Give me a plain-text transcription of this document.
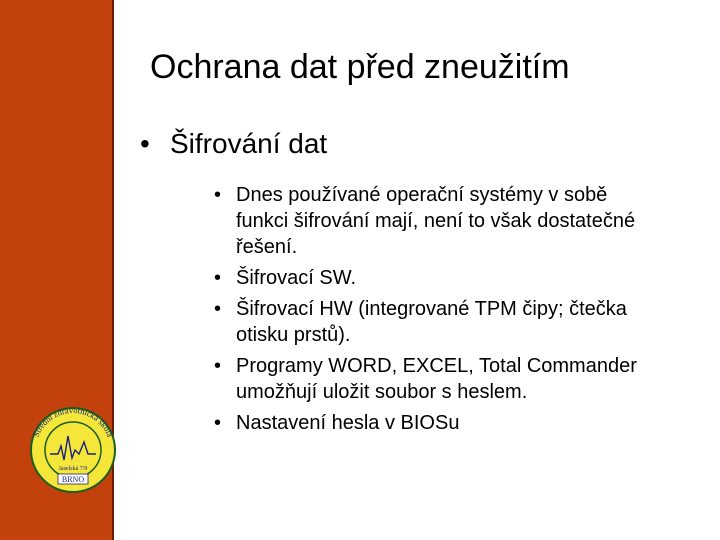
Ochrana dat před zneužitím
• Šifrování dat
• Dnes používané operační systémy v sobě funkci šifrování mají, není to však dostatečné řešení.
• Šifrovací SW.
• Šifrovací HW (integrované TPM čipy; čtečka otisku prstů).
• Programy WORD, EXCEL, Total Commander umožňují uložit soubor s heslem.
• Nastavení hesla v BIOSu
Střední zdravotnická škola
Jaselská 7/9
BRNO
